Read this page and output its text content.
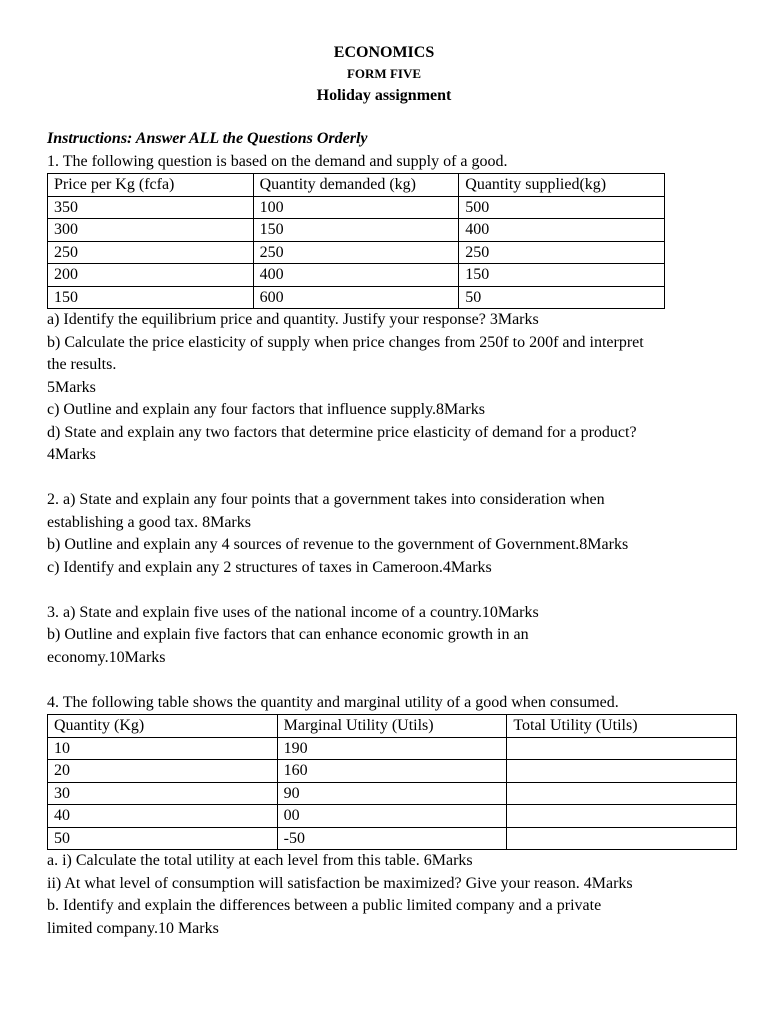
ECONOMICS
FORM FIVE
Holiday assignment
Instructions: Answer ALL the Questions Orderly
1. The following question is based on the demand and supply of a good.
Price per Kg (fcfa)	Quantity demanded (kg)	Quantity supplied(kg)
350	100	500
300	150	400
250	250	250
200	400	150
150	600	50
a) Identify the equilibrium price and quantity. Justify your response? 3Marks
b) Calculate the price elasticity of supply when price changes from 250f to 200f and interpret
the results.
5Marks
c) Outline and explain any four factors that influence supply.8Marks
d) State and explain any two factors that determine price elasticity of demand for a product?
4Marks
2. a) State and explain any four points that a government takes into consideration when
establishing a good tax. 8Marks
b) Outline and explain any 4 sources of revenue to the government of Government.8Marks
c) Identify and explain any 2 structures of taxes in Cameroon.4Marks
3. a) State and explain five uses of the national income of a country.10Marks
b) Outline and explain five factors that can enhance economic growth in an
economy.10Marks
4. The following table shows the quantity and marginal utility of a good when consumed.
Quantity (Kg)	Marginal Utility (Utils)	Total Utility (Utils)
10	190	
20	160	
30	90	
40	00	
50	-50	
a. i) Calculate the total utility at each level from this table. 6Marks
ii) At what level of consumption will satisfaction be maximized? Give your reason. 4Marks
b. Identify and explain the differences between a public limited company and a private
limited company.10 Marks
